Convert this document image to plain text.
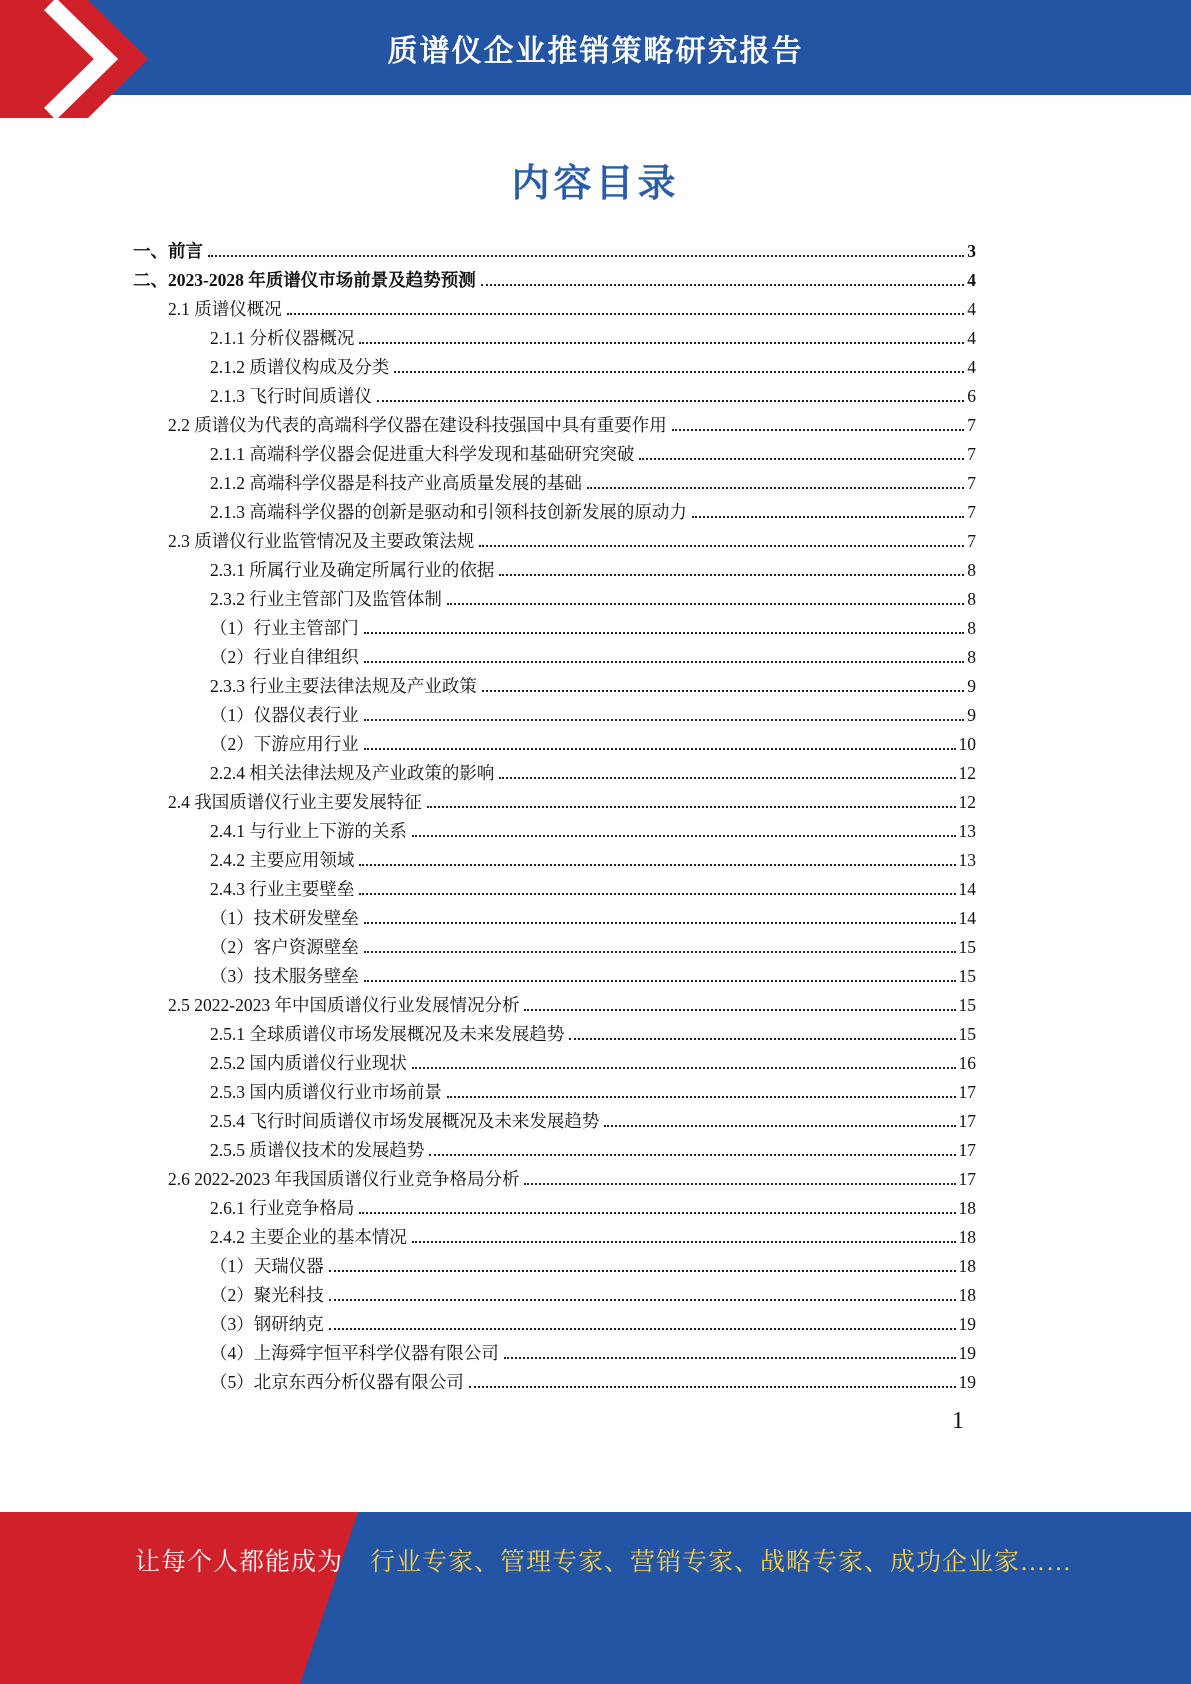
质谱仪企业推销策略研究报告
内容目录
一、前言	3
二、2023-2028 年质谱仪市场前景及趋势预测	4
2.1 质谱仪概况	4
2.1.1 分析仪器概况	4
2.1.2 质谱仪构成及分类	4
2.1.3 飞行时间质谱仪	6
2.2 质谱仪为代表的高端科学仪器在建设科技强国中具有重要作用	7
2.1.1 高端科学仪器会促进重大科学发现和基础研究突破	7
2.1.2 高端科学仪器是科技产业高质量发展的基础	7
2.1.3 高端科学仪器的创新是驱动和引领科技创新发展的原动力	7
2.3 质谱仪行业监管情况及主要政策法规	7
2.3.1 所属行业及确定所属行业的依据	8
2.3.2 行业主管部门及监管体制	8
（1）行业主管部门	8
（2）行业自律组织	8
2.3.3 行业主要法律法规及产业政策	9
（1）仪器仪表行业	9
（2）下游应用行业	10
2.2.4 相关法律法规及产业政策的影响	12
2.4 我国质谱仪行业主要发展特征	12
2.4.1 与行业上下游的关系	13
2.4.2 主要应用领域	13
2.4.3 行业主要壁垒	14
（1）技术研发壁垒	14
（2）客户资源壁垒	15
（3）技术服务壁垒	15
2.5 2022-2023 年中国质谱仪行业发展情况分析	15
2.5.1 全球质谱仪市场发展概况及未来发展趋势	15
2.5.2 国内质谱仪行业现状	16
2.5.3 国内质谱仪行业市场前景	17
2.5.4 飞行时间质谱仪市场发展概况及未来发展趋势	17
2.5.5 质谱仪技术的发展趋势	17
2.6 2022-2023 年我国质谱仪行业竞争格局分析	17
2.6.1 行业竞争格局	18
2.4.2 主要企业的基本情况	18
（1）天瑞仪器	18
（2）聚光科技	18
（3）钢研纳克	19
（4）上海舜宇恒平科学仪器有限公司	19
（5）北京东西分析仪器有限公司	19
1
让每个人都能成为 行业专家、管理专家、营销专家、战略专家、成功企业家……
